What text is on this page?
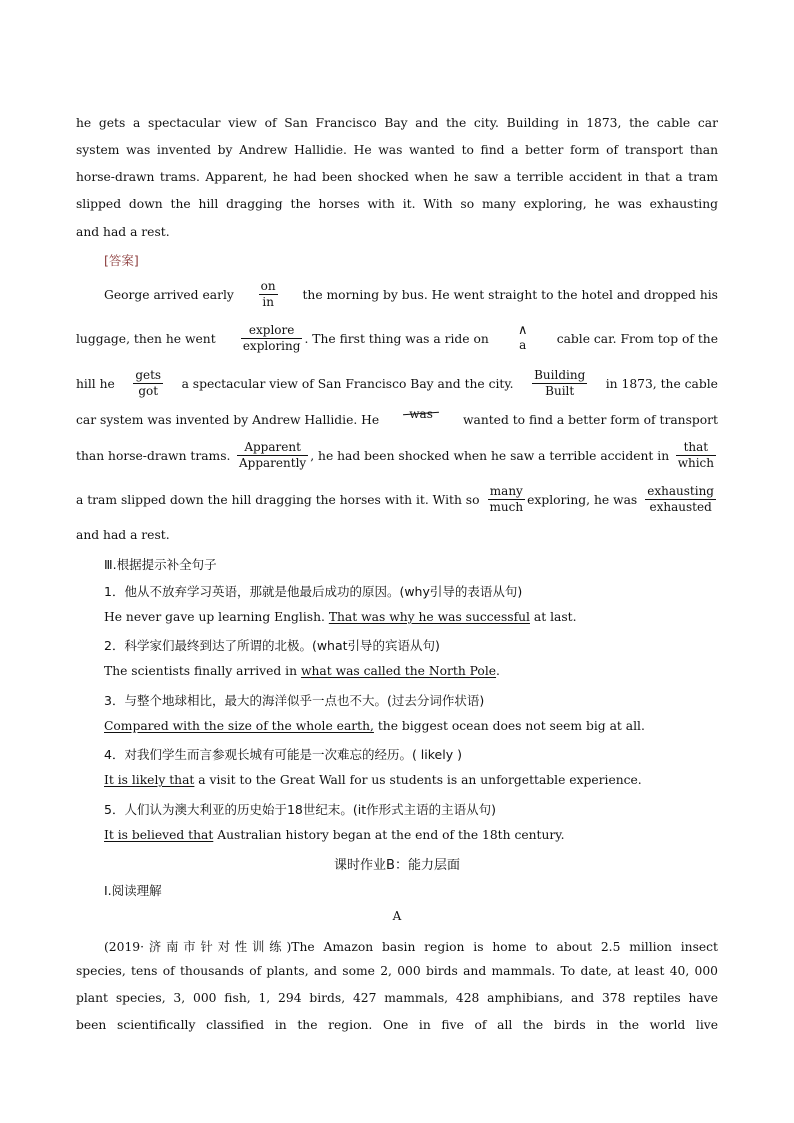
he gets a spectacular view of San Francisco Bay and the city. Building in 1873, the cable car
system was invented by Andrew Hallidie. He was wanted to find a better form of transport than
horse-drawn trams. Apparent, he had been shocked when he saw a terrible accident in that a tram
slipped down the hill dragging the horses with it. With so many exploring, he was exhausting
and had a rest.
[答案]
George arrived early $\frac{on}{in}$ the morning by bus. He went straight to the hotel and dropped his
luggage, then he went $\frac{\text{explore}}{\text{exploring}}$ . The first thing was a ride on
∧
a cable car. From top of the
hill he $\frac{\text{gets}}{\text{got}}$ a spectacular view of San Francisco Bay and the city. $\frac{\text{Building}}{\text{Built}}$ in 1873, the cable
car system was invented by Andrew Hallidie. He	was wanted to find a better form of transport
than horse-drawn trams. $\frac{\text{Apparent}}{\text{Apparently}}$ , he had been shocked when he saw a terrible accident in $\frac{\text{that}}{\text{which}}$
a tram slipped down the hill dragging the horses with it. With so $\frac{\text{many}}{\text{much}}$ exploring, he was $\frac{\text{exhausting}}{\text{exhausted}}$
and had a rest.
Ⅲ.根据提示补全句子
1．他从不放弃学习英语，那就是他最后成功的原因。(why引导的表语从句)
He never gave up learning English. That was why he was successful at last.
2．科学家们最终到达了所谓的北极。(what引导的宾语从句)
The scientists finally arrived in what was called the North Pole.
3．与整个地球相比，最大的海洋似乎一点也不大。(过去分词作状语)
Compared with the size of the whole earth, the biggest ocean does not seem big at all.
4．对我们学生而言参观长城有可能是一次难忘的经历。( likely )
It is likely that a visit to the Great Wall for us students is an unforgettable experience.
5．人们认为澳大利亚的历史始于18世纪末。(it作形式主语的主语从句)
It is believed that Australian history began at the end of the 18th century.
课时作业B：能力层面
Ⅰ.阅读理解
A
(2019·济南市针对性训练)The Amazon basin region is home to about 2.5 million insect
species, tens of thousands of plants, and some 2, 000 birds and mammals. To date, at least 40, 000
plant species, 3, 000 fish, 1, 294 birds, 427 mammals, 428 amphibians, and 378 reptiles have
been scientifically classified in the region. One in five of all the birds in the world live
